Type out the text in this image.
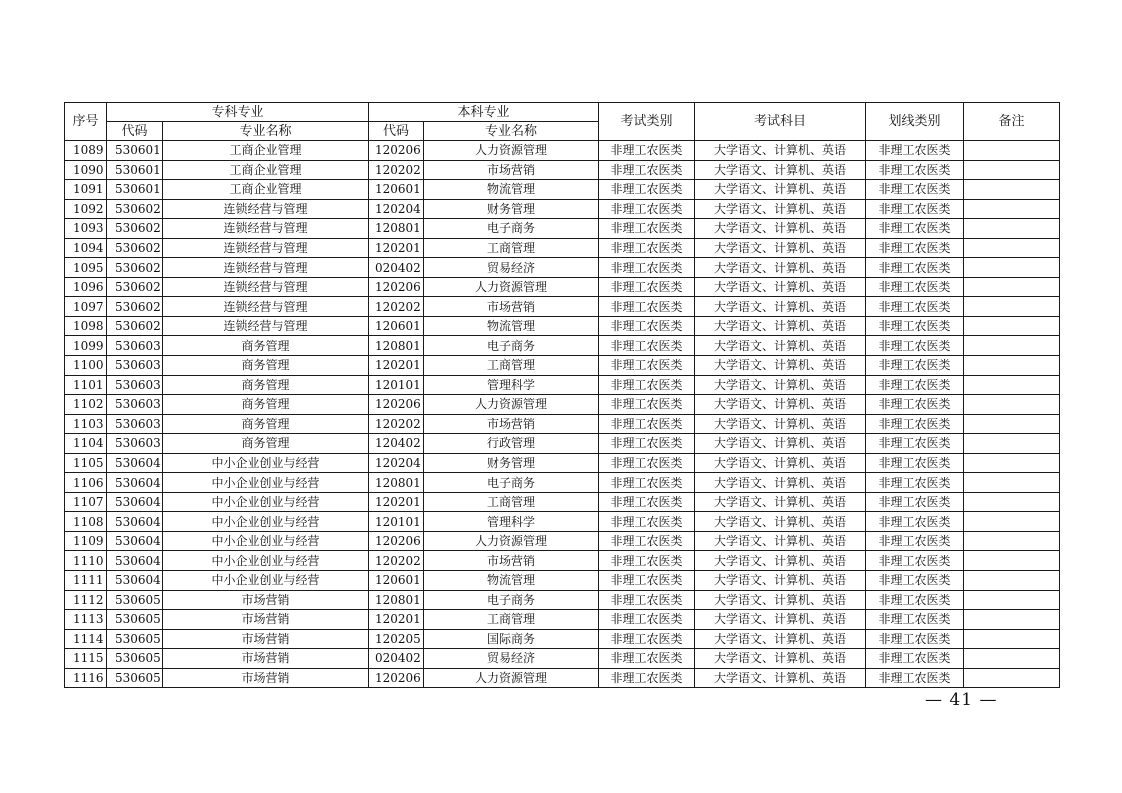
序号	专科专业		本科专业		考试类别	考试科目	划线类别	备注
	代码	专业名称	代码	专业名称				
1089	530601	工商企业管理	120206	人力资源管理	非理工农医类	大学语文、计算机、英语	非理工农医类	
1090	530601	工商企业管理	120202	市场营销	非理工农医类	大学语文、计算机、英语	非理工农医类	
1091	530601	工商企业管理	120601	物流管理	非理工农医类	大学语文、计算机、英语	非理工农医类	
1092	530602	连锁经营与管理	120204	财务管理	非理工农医类	大学语文、计算机、英语	非理工农医类	
1093	530602	连锁经营与管理	120801	电子商务	非理工农医类	大学语文、计算机、英语	非理工农医类	
1094	530602	连锁经营与管理	120201	工商管理	非理工农医类	大学语文、计算机、英语	非理工农医类	
1095	530602	连锁经营与管理	020402	贸易经济	非理工农医类	大学语文、计算机、英语	非理工农医类	
1096	530602	连锁经营与管理	120206	人力资源管理	非理工农医类	大学语文、计算机、英语	非理工农医类	
1097	530602	连锁经营与管理	120202	市场营销	非理工农医类	大学语文、计算机、英语	非理工农医类	
1098	530602	连锁经营与管理	120601	物流管理	非理工农医类	大学语文、计算机、英语	非理工农医类	
1099	530603	商务管理	120801	电子商务	非理工农医类	大学语文、计算机、英语	非理工农医类	
1100	530603	商务管理	120201	工商管理	非理工农医类	大学语文、计算机、英语	非理工农医类	
1101	530603	商务管理	120101	管理科学	非理工农医类	大学语文、计算机、英语	非理工农医类	
1102	530603	商务管理	120206	人力资源管理	非理工农医类	大学语文、计算机、英语	非理工农医类	
1103	530603	商务管理	120202	市场营销	非理工农医类	大学语文、计算机、英语	非理工农医类	
1104	530603	商务管理	120402	行政管理	非理工农医类	大学语文、计算机、英语	非理工农医类	
1105	530604	中小企业创业与经营	120204	财务管理	非理工农医类	大学语文、计算机、英语	非理工农医类	
1106	530604	中小企业创业与经营	120801	电子商务	非理工农医类	大学语文、计算机、英语	非理工农医类	
1107	530604	中小企业创业与经营	120201	工商管理	非理工农医类	大学语文、计算机、英语	非理工农医类	
1108	530604	中小企业创业与经营	120101	管理科学	非理工农医类	大学语文、计算机、英语	非理工农医类	
1109	530604	中小企业创业与经营	120206	人力资源管理	非理工农医类	大学语文、计算机、英语	非理工农医类	
1110	530604	中小企业创业与经营	120202	市场营销	非理工农医类	大学语文、计算机、英语	非理工农医类	
1111	530604	中小企业创业与经营	120601	物流管理	非理工农医类	大学语文、计算机、英语	非理工农医类	
1112	530605	市场营销	120801	电子商务	非理工农医类	大学语文、计算机、英语	非理工农医类	
1113	530605	市场营销	120201	工商管理	非理工农医类	大学语文、计算机、英语	非理工农医类	
1114	530605	市场营销	120205	国际商务	非理工农医类	大学语文、计算机、英语	非理工农医类	
1115	530605	市场营销	020402	贸易经济	非理工农医类	大学语文、计算机、英语	非理工农医类	
1116	530605	市场营销	120206	人力资源管理	非理工农医类	大学语文、计算机、英语	非理工农医类	
— 41 —
